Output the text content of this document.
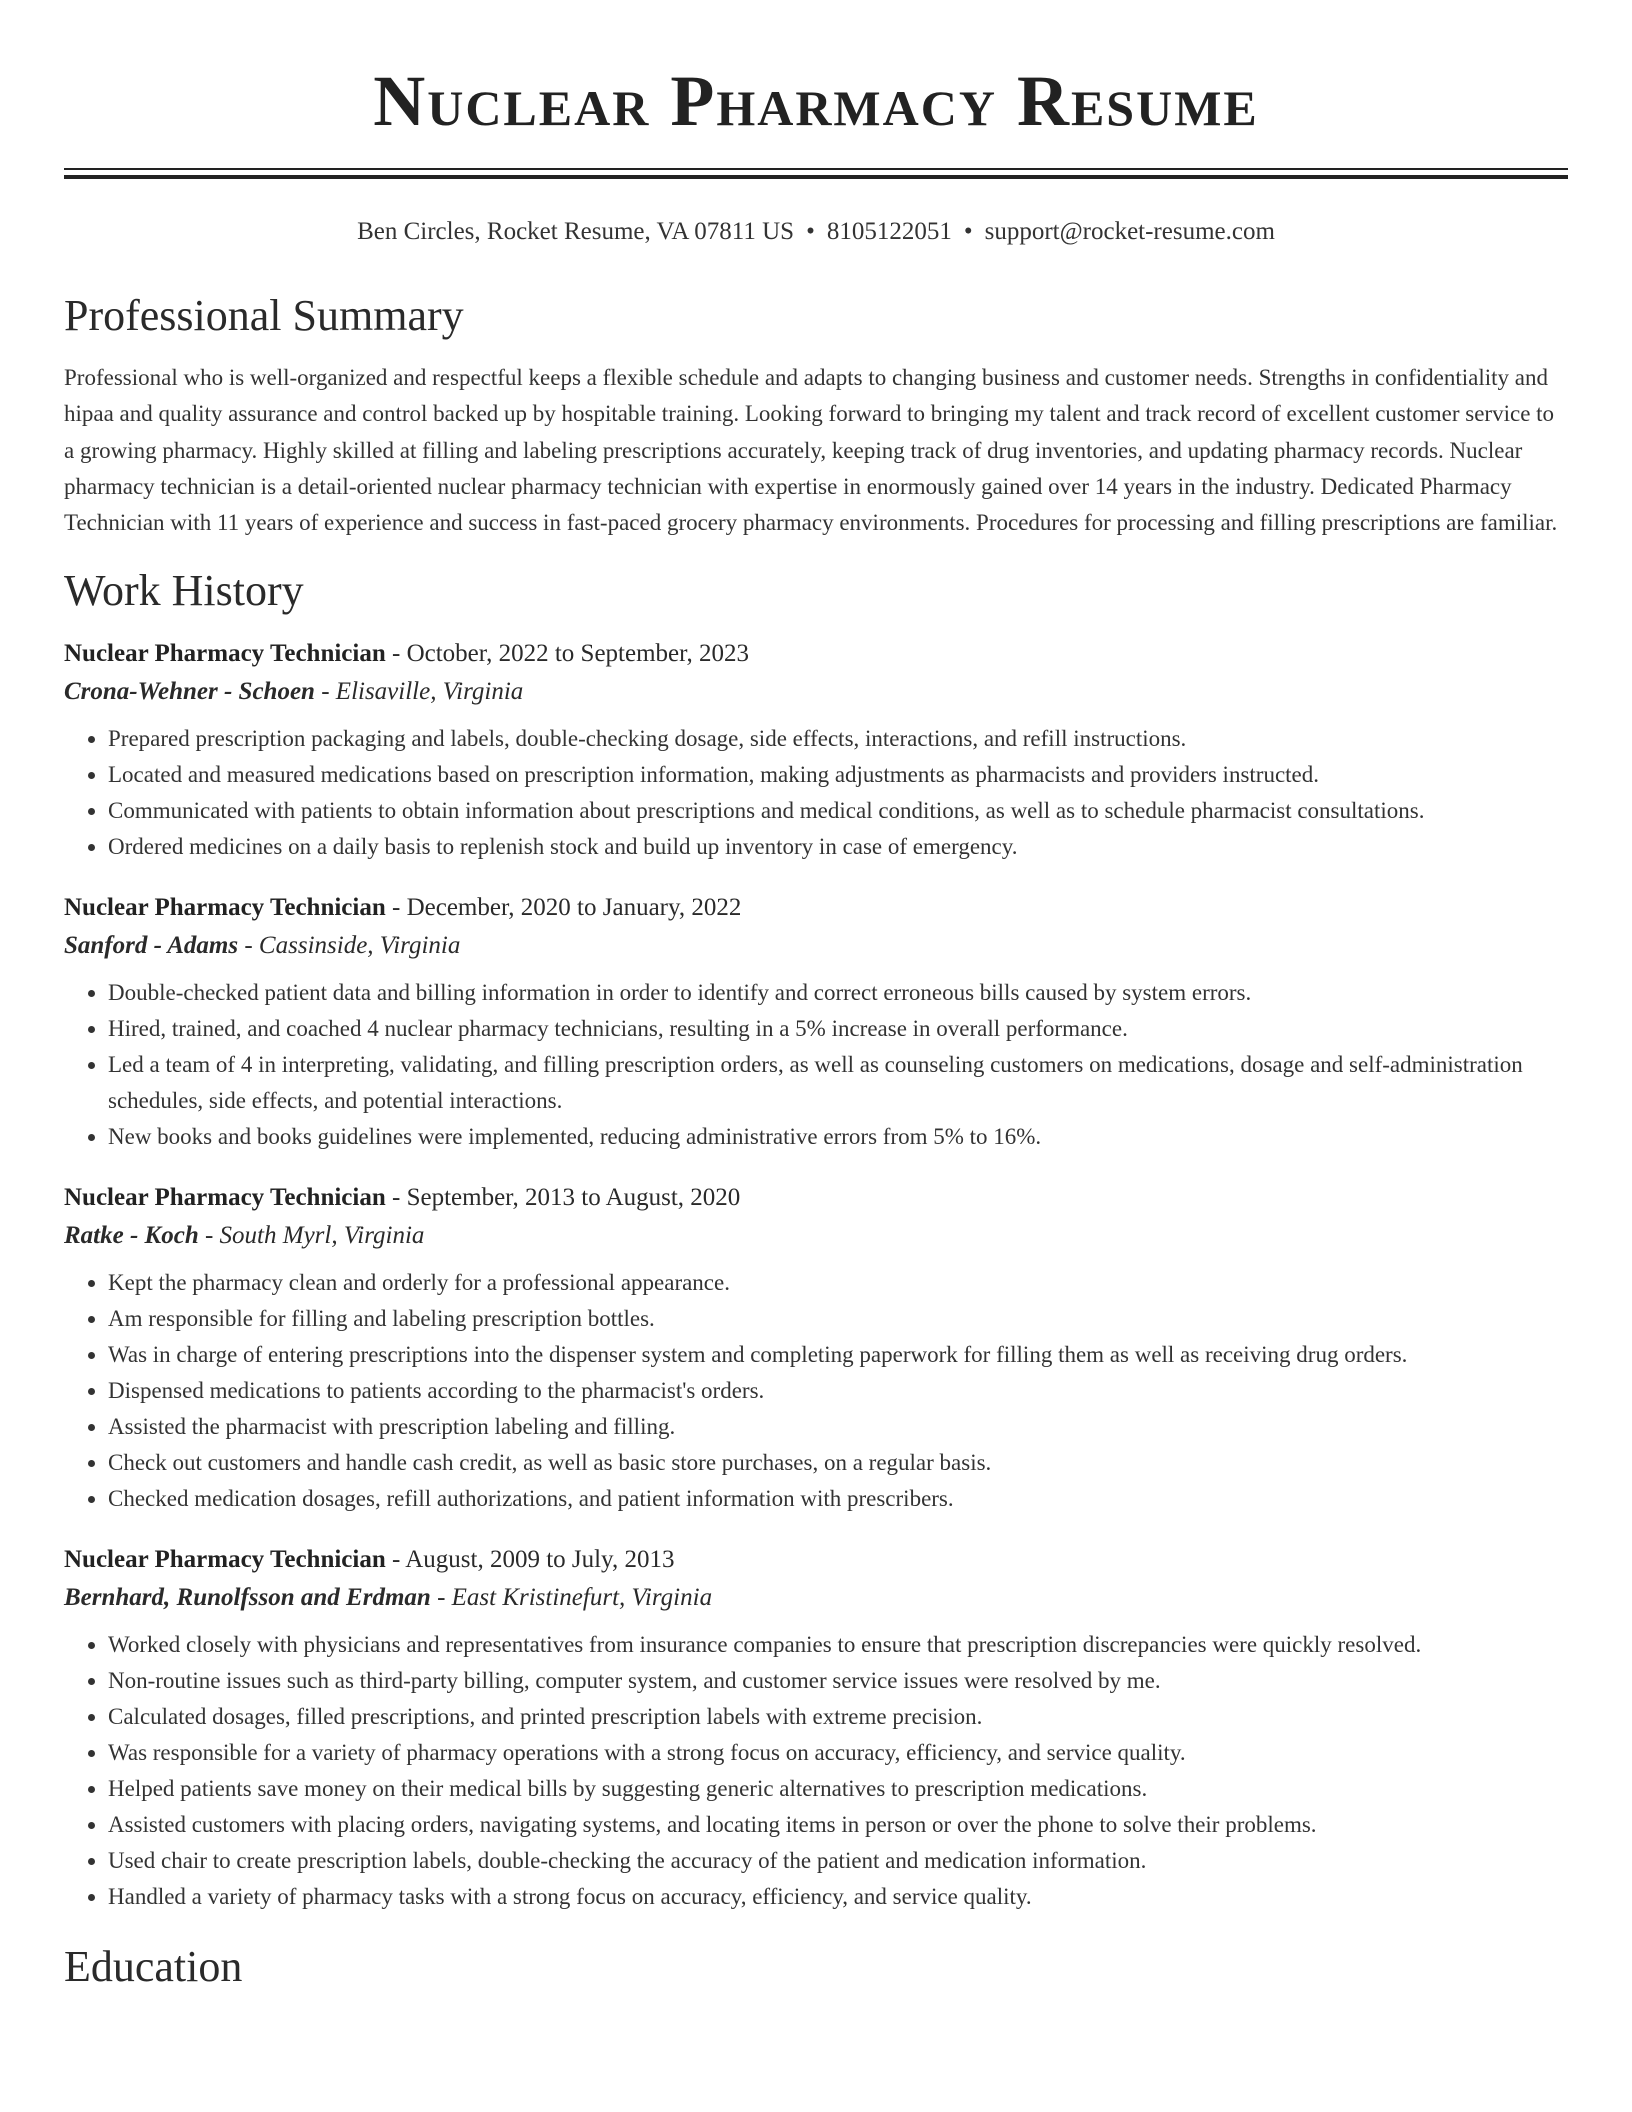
Nuclear Pharmacy Resume
Ben Circles, Rocket Resume, VA 07811 US • 8105122051 • support@rocket-resume.com
Professional Summary

Professional who is well-organized and respectful keeps a flexible schedule and adapts to changing business and customer needs. Strengths in confidentiality and hipaa and quality assurance and control backed up by hospitable training. Looking forward to bringing my talent and track record of excellent customer service to a growing pharmacy. Highly skilled at filling and labeling prescriptions accurately, keeping track of drug inventories, and updating pharmacy records. Nuclear pharmacy technician is a detail-oriented nuclear pharmacy technician with expertise in enormously gained over 14 years in the industry. Dedicated Pharmacy Technician with 11 years of experience and success in fast-paced grocery pharmacy environments. Procedures for processing and filling prescriptions are familiar.

Work History

Nuclear Pharmacy Technician - October, 2022 to September, 2023

Crona-Wehner - Schoen - Elisaville, Virginia

• Prepared prescription packaging and labels, double-checking dosage, side effects, interactions, and refill instructions.
• Located and measured medications based on prescription information, making adjustments as pharmacists and providers instructed.
• Communicated with patients to obtain information about prescriptions and medical conditions, as well as to schedule pharmacist consultations.
• Ordered medicines on a daily basis to replenish stock and build up inventory in case of emergency.

Nuclear Pharmacy Technician - December, 2020 to January, 2022

Sanford - Adams - Cassinside, Virginia

• Double-checked patient data and billing information in order to identify and correct erroneous bills caused by system errors.
• Hired, trained, and coached 4 nuclear pharmacy technicians, resulting in a 5% increase in overall performance.
• Led a team of 4 in interpreting, validating, and filling prescription orders, as well as counseling customers on medications, dosage and self-administration schedules, side effects, and potential interactions.
• New books and books guidelines were implemented, reducing administrative errors from 5% to 16%.

Nuclear Pharmacy Technician - September, 2013 to August, 2020

Ratke - Koch - South Myrl, Virginia

• Kept the pharmacy clean and orderly for a professional appearance.
• Am responsible for filling and labeling prescription bottles.
• Was in charge of entering prescriptions into the dispenser system and completing paperwork for filling them as well as receiving drug orders.
• Dispensed medications to patients according to the pharmacist's orders.
• Assisted the pharmacist with prescription labeling and filling.
• Check out customers and handle cash credit, as well as basic store purchases, on a regular basis.
• Checked medication dosages, refill authorizations, and patient information with prescribers.

Nuclear Pharmacy Technician - August, 2009 to July, 2013

Bernhard, Runolfsson and Erdman - East Kristinefurt, Virginia

• Worked closely with physicians and representatives from insurance companies to ensure that prescription discrepancies were quickly resolved.
• Non-routine issues such as third-party billing, computer system, and customer service issues were resolved by me.
• Calculated dosages, filled prescriptions, and printed prescription labels with extreme precision.
• Was responsible for a variety of pharmacy operations with a strong focus on accuracy, efficiency, and service quality.
• Helped patients save money on their medical bills by suggesting generic alternatives to prescription medications.
• Assisted customers with placing orders, navigating systems, and locating items in person or over the phone to solve their problems.
• Used chair to create prescription labels, double-checking the accuracy of the patient and medication information.
• Handled a variety of pharmacy tasks with a strong focus on accuracy, efficiency, and service quality.
Education
